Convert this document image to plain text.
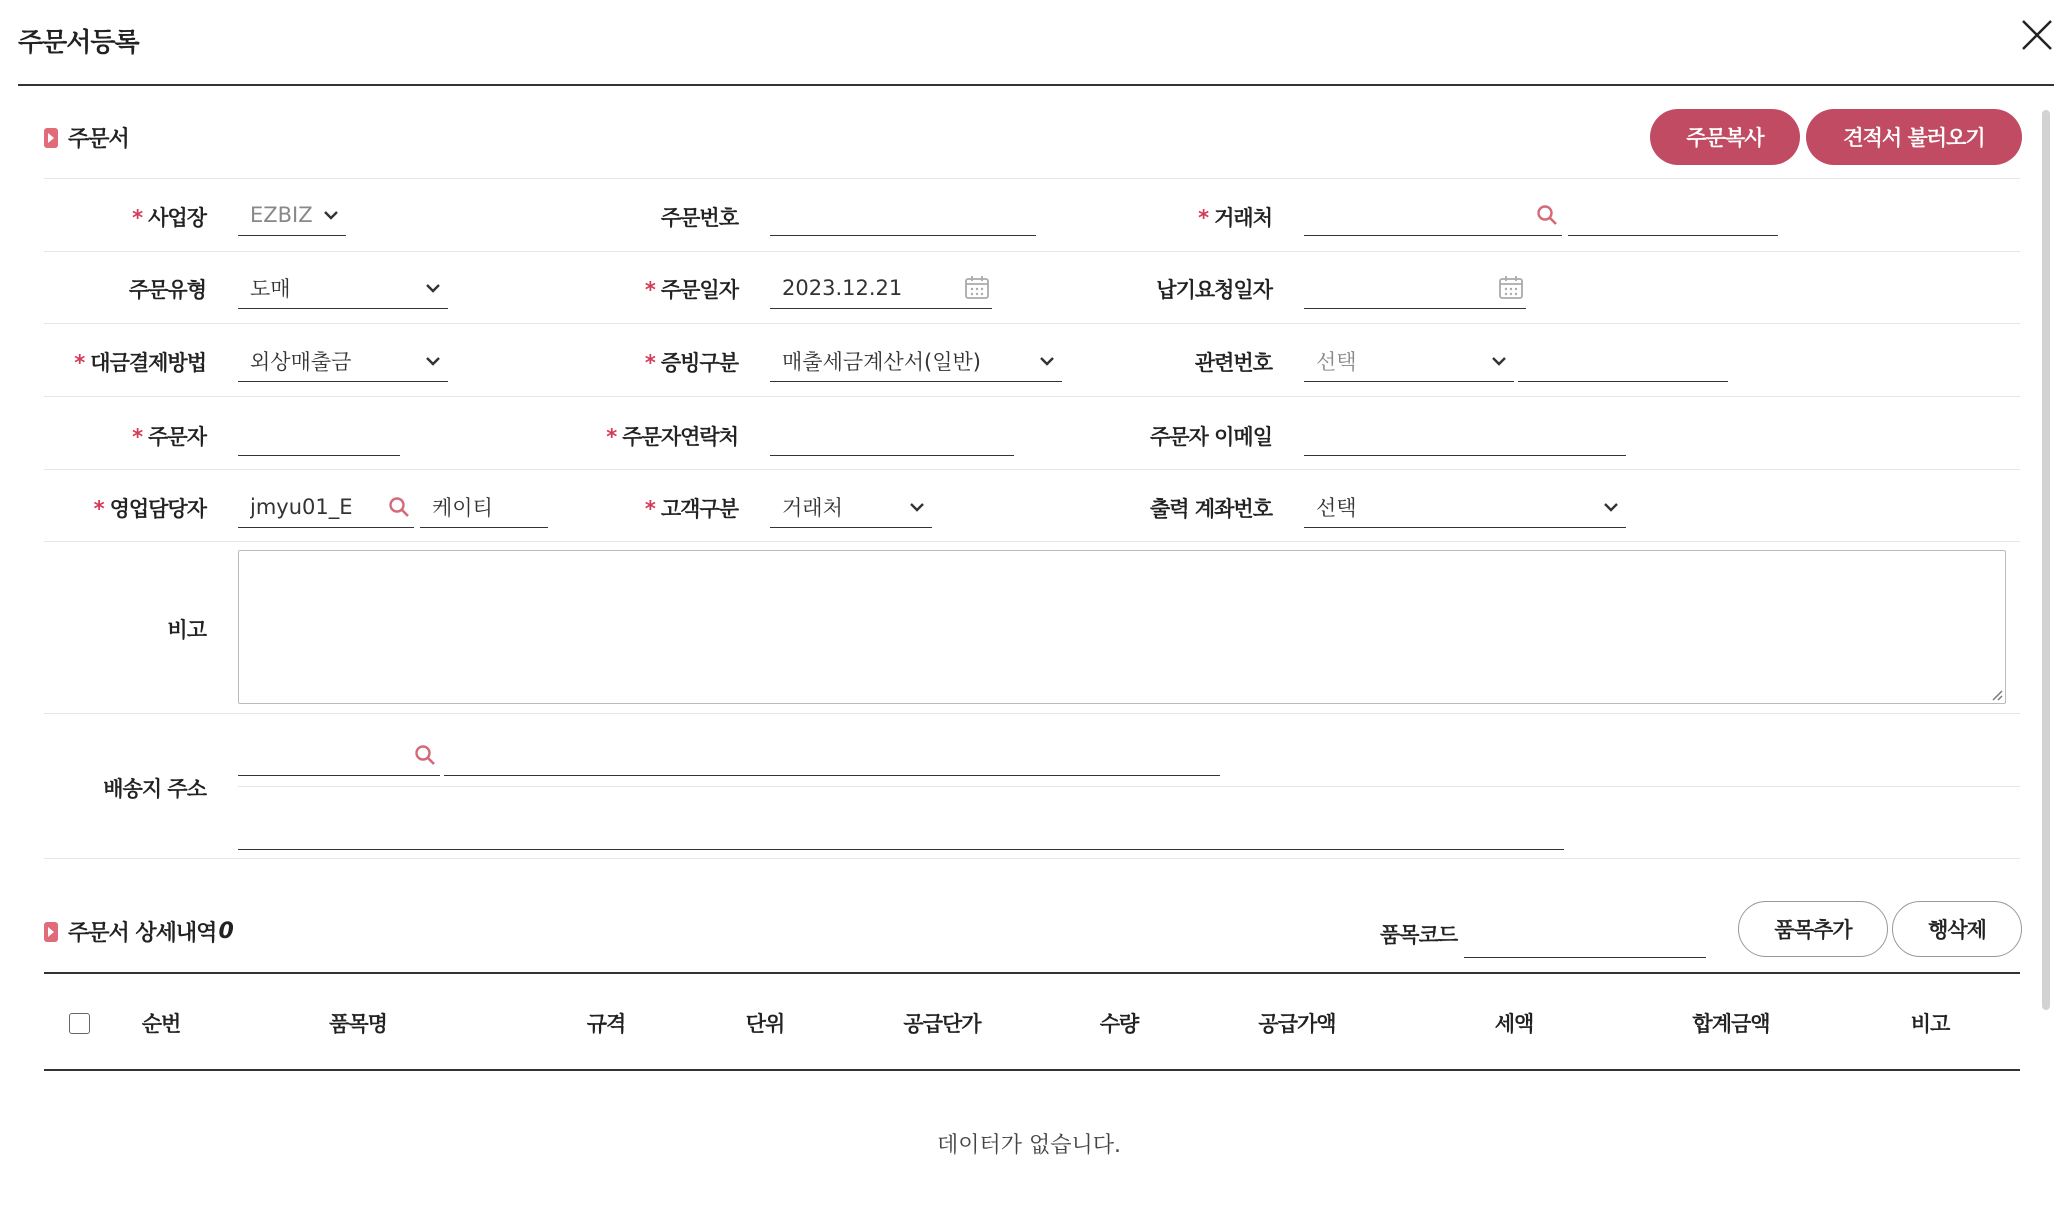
주문서등록
주문서	주문복사	견적서 불러오기
* 사업장 EZBIZ	주문번호	* 거래처
주문유형 도매	* 주문일자 2023.12.21	납기요청일자
* 대금결제방법 외상매출금	* 증빙구분 매출세금계산서(일반)	관련번호 선택
* 주문자	* 주문자연락처	주문자 이메일
* 영업담당자 jmyu01_E	케이티	* 고객구분 거래처	출력 계좌번호 선택
비고
배송지 주소
주문서 상세내역 0	품목코드	품목추가	행삭제
순번	품목명	규격	단위	공급단가	수량	공급가액	세액	합계금액	비고
데이터가 없습니다.
